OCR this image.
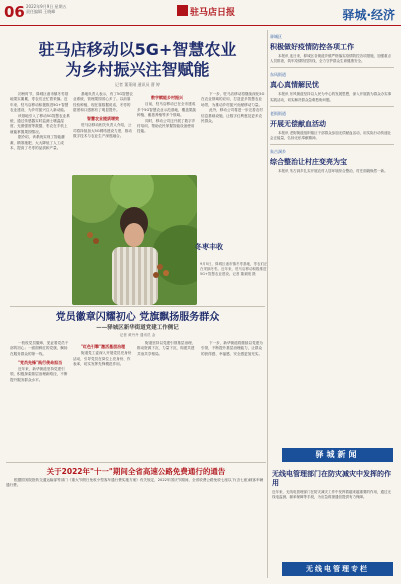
06 2022年9月9日 星期五
责任编辑 王晓峰	驻马店日报	驿城·经济
驻马店移动以5G+智慧农业
为乡村振兴注智赋能
记者 董莱刚 通讯员 曹 婷

初秋时节，驿城区诸市镇冬枣基地果实累累，枣农们正忙着采摘。近年来，驻马店移动积极推进5G+智慧农业建设，为乡村振兴注入新动能。

该基地引入了移动5G智慧农业系统，通过传感器实时监测土壤温湿度、光照强度等数据，枣农在手机上就能掌握果园情况。

据介绍，该系统实现了智能灌溉、精准施肥，大大降低了人工成本，提高了冬枣的品质和产量。

基地负责人表示，有了5G智慧农业系统，管理果园省心多了。以前靠经验种植，现在靠数据说话，冬枣的甜度和口感都有了明显提升。

智慧农业提质增效

驻马店移动相关负责人介绍，公司将持续加大5G网络建设力度，推动数字技术与农业生产深度融合。

数字赋能乡村振兴

目前，驻马店移动已在全市建成多个5G智慧农业示范基地，覆盖果蔬种植、畜禽养殖等多个领域。

同时，移动公司还开展了数字乡村培训，帮助农民掌握智能设备使用技能。

下一步，驻马店移动将继续深化5G在农业领域的应用，打造更多智慧农业场景，为推动乡村振兴贡献移动力量。

此外，移动公司将进一步完善农村信息基础设施，让数字红利惠及更多农民群众。

冬枣丰收
9月5日，驿城区诸市镇冬枣基地，枣农们正在采摘冬枣。近年来，驻马店移动积极推进5G+智慧农业建设。记者 董莱刚 摄
党员徽章闪耀初心 党旗飘扬服务群众
——驿城区新华街道党建工作侧记
记者 黄丹丹 通讯员 金

一枚枚党员徽章，见证着党员干部的初心；一面面鲜红的党旗，飘扬在服务群众的第一线。

"党员先锋"践行使命担当

近年来，新华街道坚持党建引领，积极探索基层治理新路径，不断提升服务群众水平。

"红色引擎"激活基层治理

街道党工委深入开展党员亮身份活动，引导党员在岗位上亮身份、作表率，切实发挥先锋模范作用。

街道坚持以党建引领基层治理，推动资源下沉、力量下沉，构建共建共治共享格局。

下一步，新华街道将继续以党建为引领，不断提升基层治理能力，让群众的获得感、幸福感、安全感更加充实。

驿城区
积极做好疫情防控各项工作
本报讯 连日来，驿城区各街道乡镇严格落实疫情防控各项措施，加强重点人员排查，筑牢疫情防控防线，全力守护群众生命健康安全。
东风街道
真心真情解民忧
本报讯 东风街道坚持以人民为中心的发展思想，深入开展我为群众办实事实践活动，切实解决群众急难愁盼问题。
老街街道
开展无偿献血活动
本报讯 老街街道组织辖区干部群众参加无偿献血活动，用实际行动传递社会正能量，弘扬无私奉献精神。
朱古洞乡
综合整治让村庄变亮为宝
本报讯 朱古洞乡扎实开展农村人居环境综合整治，村庄面貌焕然一新。
驿城新闻
无线电管理部门在防灾减灾中发挥的作用
近年来，无线电管理部门在防灾减灾工作中发挥着越来越重要的作用，通过无线电监测、频率保障等手段，为应急救援通信提供有力保障。
无线电管理专栏
关于2022年"十一"期间全省高速公路免费通行的通告

根据国务院批转交通运输部等部门《重大节假日免收小型客车通行费实施方案》有关规定，2022年国庆节期间，全省收费公路免收七座以下(含七座)载客车辆通行费。
